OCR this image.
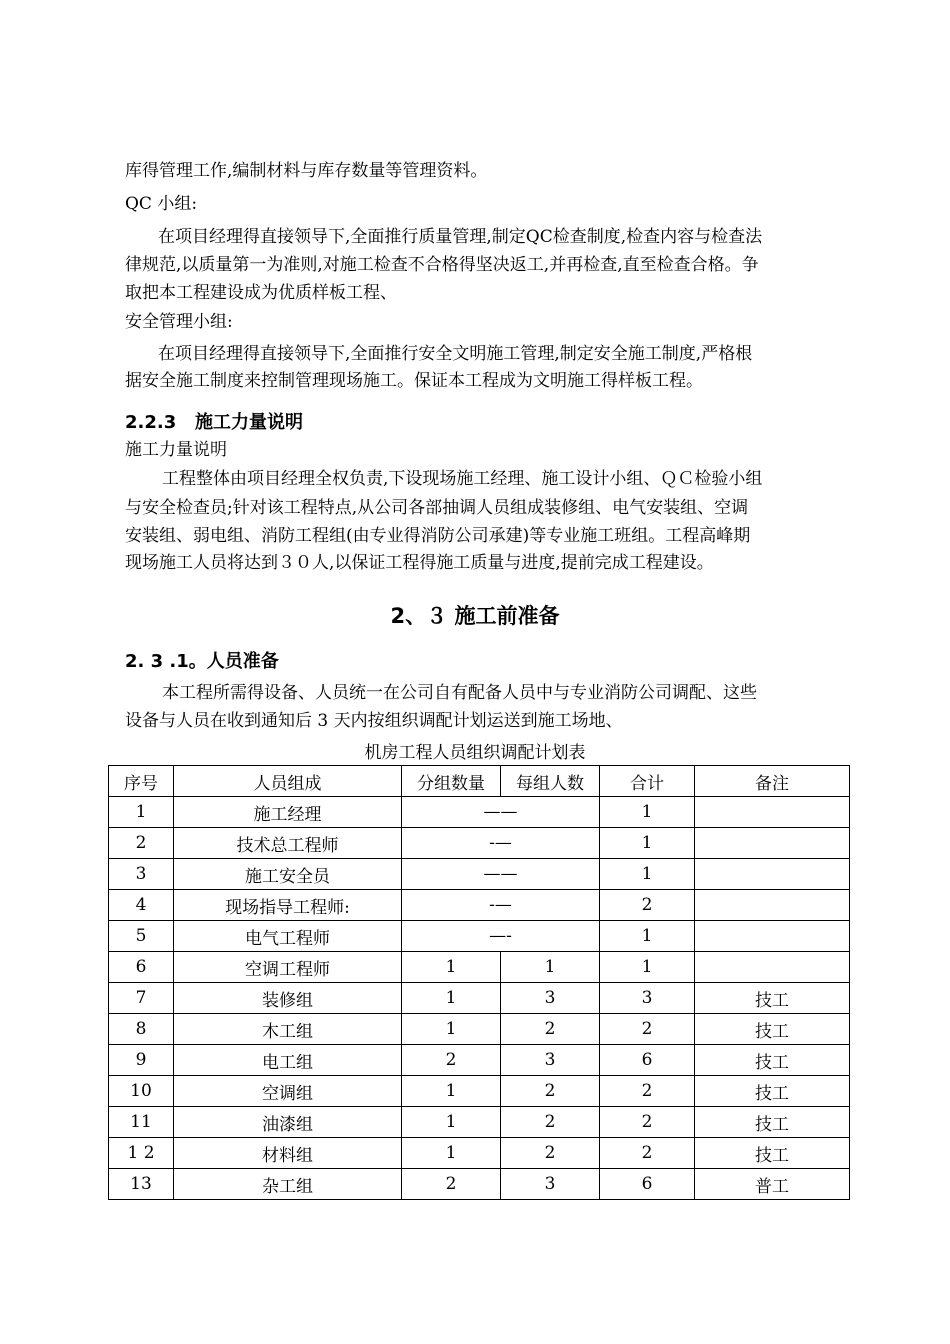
库得管理工作,编制材料与库存数量等管理资料。
QC 小组:
在项目经理得直接领导下,全面推行质量管理,制定QC检查制度,检查内容与检查法
律规范,以质量第一为准则,对施工检查不合格得坚决返工,并再检查,直至检查合格。争
取把本工程建设成为优质样板工程、
安全管理小组:
在项目经理得直接领导下,全面推行安全文明施工管理,制定安全施工制度,严格根
据安全施工制度来控制管理现场施工。保证本工程成为文明施工得样板工程。
2.2.3   施工力量说明
施工力量说明
工程整体由项目经理全权负责,下设现场施工经理、施工设计小组、ＱＣ检验小组
与安全检查员;针对该工程特点,从公司各部抽调人员组成装修组、电气安装组、空调
安装组、弱电组、消防工程组(由专业得消防公司承建)等专业施工班组。工程高峰期
现场施工人员将达到３０人,以保证工程得施工质量与进度,提前完成工程建设。
2、３ 施工前准备
2. 3 .1。人员准备
本工程所需得设备、人员统一在公司自有配备人员中与专业消防公司调配、这些
设备与人员在收到通知后 3 天内按组织调配计划运送到施工场地、
机房工程人员组织调配计划表
序号	人员组成	分组数量	每组人数	合计	备注
1	施工经理	——		1	
2	技术总工程师	-—		1	
3	施工安全员	——		1	
4	现场指导工程师:	-—		2	
5	电气工程师	—-		1	
6	空调工程师	1	1	1	
7	装修组	1	3	3	技工
8	木工组	1	2	2	技工
9	电工组	2	3	6	技工
10	空调组	1	2	2	技工
11	油漆组	1	2	2	技工
1 2	材料组	1	2	2	技工
13	杂工组	2	3	6	普工
